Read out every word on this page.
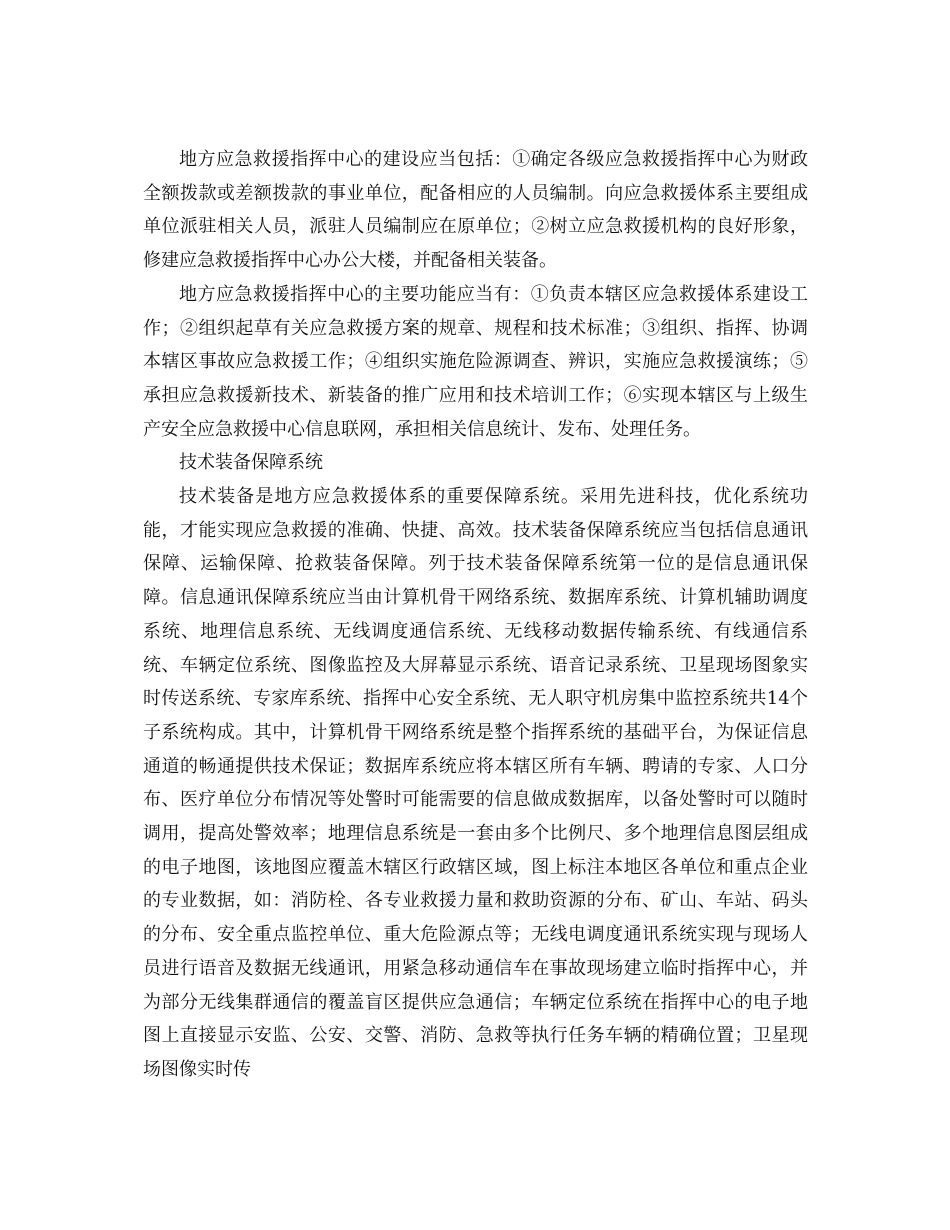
地方应急救援指挥中心的建设应当包括：①确定各级应急救援指挥中心为财政全额拨款或差额拨款的事业单位，配备相应的人员编制。向应急救援体系主要组成单位派驻相关人员，派驻人员编制应在原单位；②树立应急救援机构的良好形象，修建应急救援指挥中心办公大楼，并配备相关装备。

地方应急救援指挥中心的主要功能应当有：①负责本辖区应急救援体系建设工作；②组织起草有关应急救援方案的规章、规程和技术标准；③组织、指挥、协调本辖区事故应急救援工作；④组织实施危险源调查、辨识，实施应急救援演练；⑤承担应急救援新技术、新装备的推广应用和技术培训工作；⑥实现本辖区与上级生产安全应急救援中心信息联网，承担相关信息统计、发布、处理任务。

技术装备保障系统

技术装备是地方应急救援体系的重要保障系统。采用先进科技，优化系统功能，才能实现应急救援的准确、快捷、高效。技术装备保障系统应当包括信息通讯保障、运输保障、抢救装备保障。列于技术装备保障系统第一位的是信息通讯保障。信息通讯保障系统应当由计算机骨干网络系统、数据库系统、计算机辅助调度系统、地理信息系统、无线调度通信系统、无线移动数据传输系统、有线通信系统、车辆定位系统、图像监控及大屏幕显示系统、语音记录系统、卫星现场图象实时传送系统、专家库系统、指挥中心安全系统、无人职守机房集中监控系统共14个子系统构成。其中，计算机骨干网络系统是整个指挥系统的基础平台，为保证信息通道的畅通提供技术保证；数据库系统应将本辖区所有车辆、聘请的专家、人口分布、医疗单位分布情况等处警时可能需要的信息做成数据库，以备处警时可以随时调用，提高处警效率；地理信息系统是一套由多个比例尺、多个地理信息图层组成的电子地图，该地图应覆盖木辖区行政辖区域，图上标注本地区各单位和重点企业的专业数据，如：消防栓、各专业救援力量和救助资源的分布、矿山、车站、码头的分布、安全重点监控单位、重大危险源点等；无线电调度通讯系统实现与现场人员进行语音及数据无线通讯，用紧急移动通信车在事故现场建立临时指挥中心，并为部分无线集群通信的覆盖盲区提供应急通信；车辆定位系统在指挥中心的电子地图上直接显示安监、公安、交警、消防、急救等执行任务车辆的精确位置；卫星现场图像实时传
